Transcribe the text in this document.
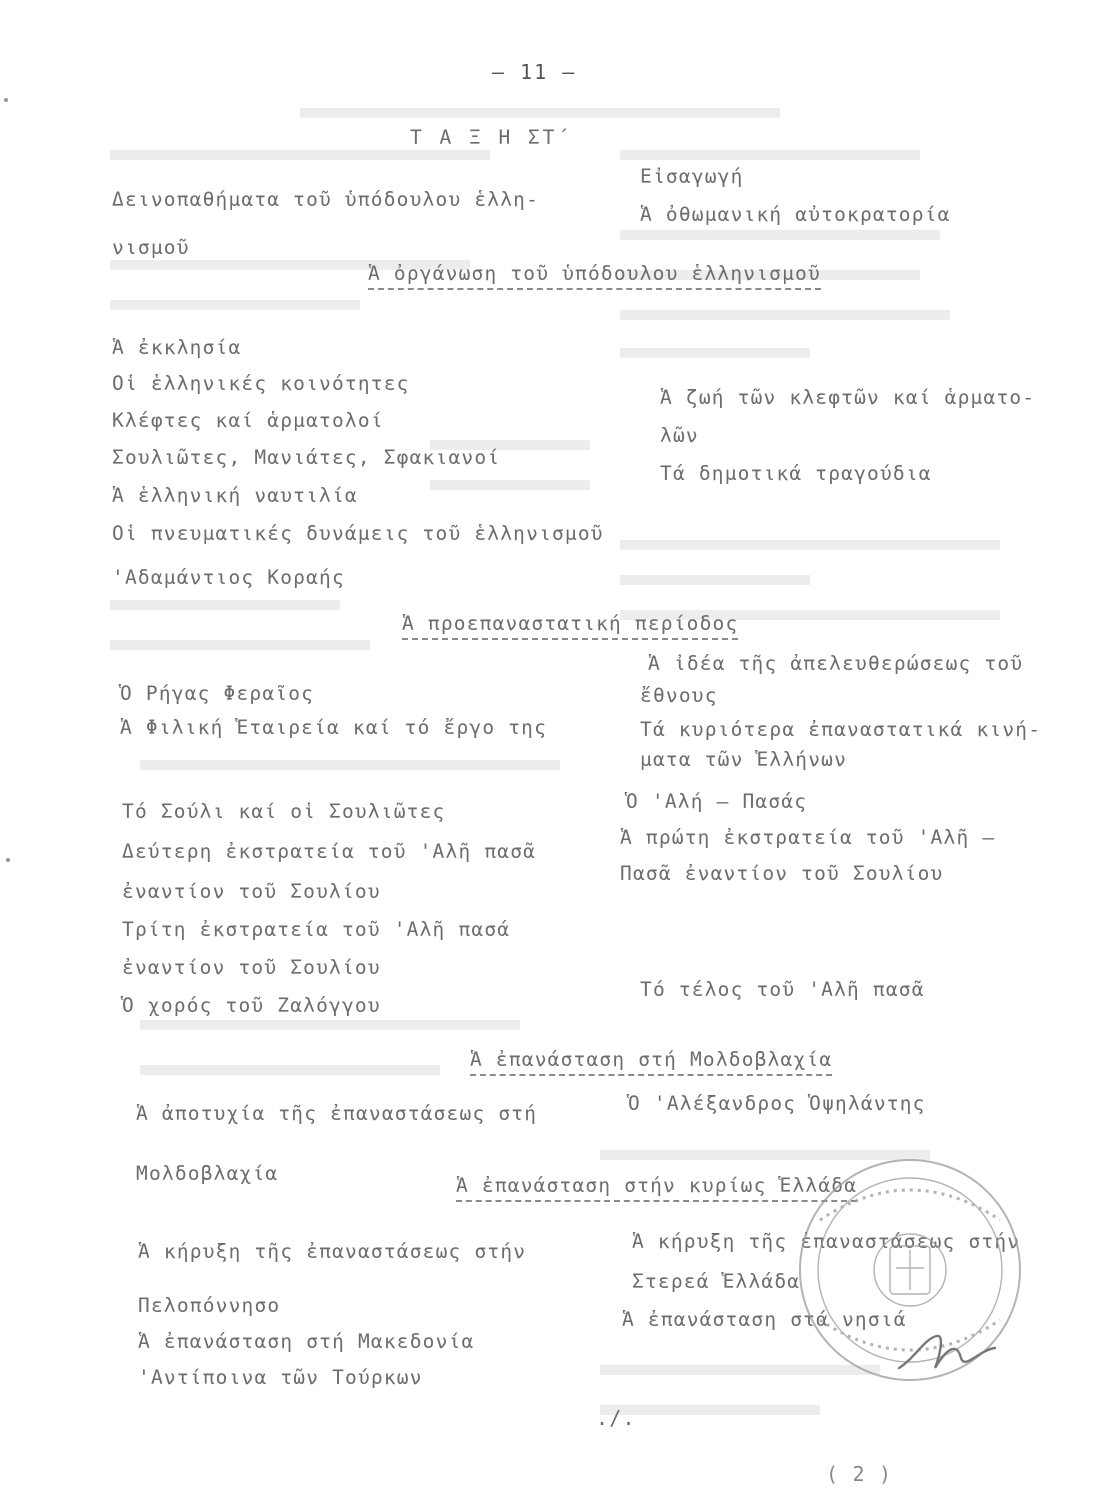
– 11 –
Τ Α Ξ Η ΣΤ΄
Δεινοπαθήματα τοῦ ὑπόδουλου ἑλλη-
νισμοῦ
Εἰσαγωγή
Ἁ ὀθωμανική αὐτοκρατορία
Ἁ ὀργάνωση τοῦ ὑπόδουλου ἑλληνισμοῦ
Ἁ ἐκκλησία
Οἱ ἑλληνικές κοινότητες
Κλέφτες καί ἁρματολοί
Σουλιῶτες, Μανιάτες, Σφακιανοί
Ἁ ἑλληνική ναυτιλία
Οἱ πνευματικές δυνάμεις τοῦ ἑλληνισμοῦ
'Αδαμάντιος Κοραής
Ἁ ζωή τῶν κλεφτῶν καί ἁρματο-
λῶν
Τά δημοτικά τραγούδια
Ἁ προεπαναστατική περίοδος
Ὁ Ρήγας Φεραῖος
Ἁ Φιλική Ἑταιρεία καί τό ἔργο της
Ἁ ἰδέα τῆς ἀπελευθερώσεως τοῦ
ἔθνους
Τά κυριότερα ἐπαναστατικά κινή-
ματα τῶν Ἑλλήνων
Ὁ 'Αλή – Πασάς
Ἁ πρώτη ἐκστρατεία τοῦ 'Αλῆ –
Πασᾶ ἐναντίον τοῦ Σουλίου
Τό Σούλι καί οἱ Σουλιῶτες
Δεύτερη ἐκστρατεία τοῦ 'Αλῆ πασᾶ
ἐναντίον τοῦ Σουλίου
Τρίτη ἐκστρατεία τοῦ 'Αλῆ πασά
ἐναντίον τοῦ Σουλίου
Ὁ χορός τοῦ Ζαλόγγου
Τό τέλος τοῦ 'Αλῆ πασᾶ
Ἁ ἐπανάσταση στή Μολδοβλαχία
Ἁ ἀποτυχία τῆς ἐπαναστάσεως στή
Μολδοβλαχία
Ὁ 'Αλέξανδρος Ὁψηλάντης
Ἁ ἐπανάσταση στήν κυρίως Ἑλλάδα
Ἁ κήρυξη τῆς ἐπαναστάσεως στήν
Πελοπόννησο
Ἁ ἐπανάσταση στή Μακεδονία
'Αντίποινα τῶν Τούρκων
Ἁ κήρυξη τῆς ἐπαναστάσεως στήν
Στερεά Ἑλλάδα
Ἁ ἐπανάσταση στά νησιά
./.
( 2 )
